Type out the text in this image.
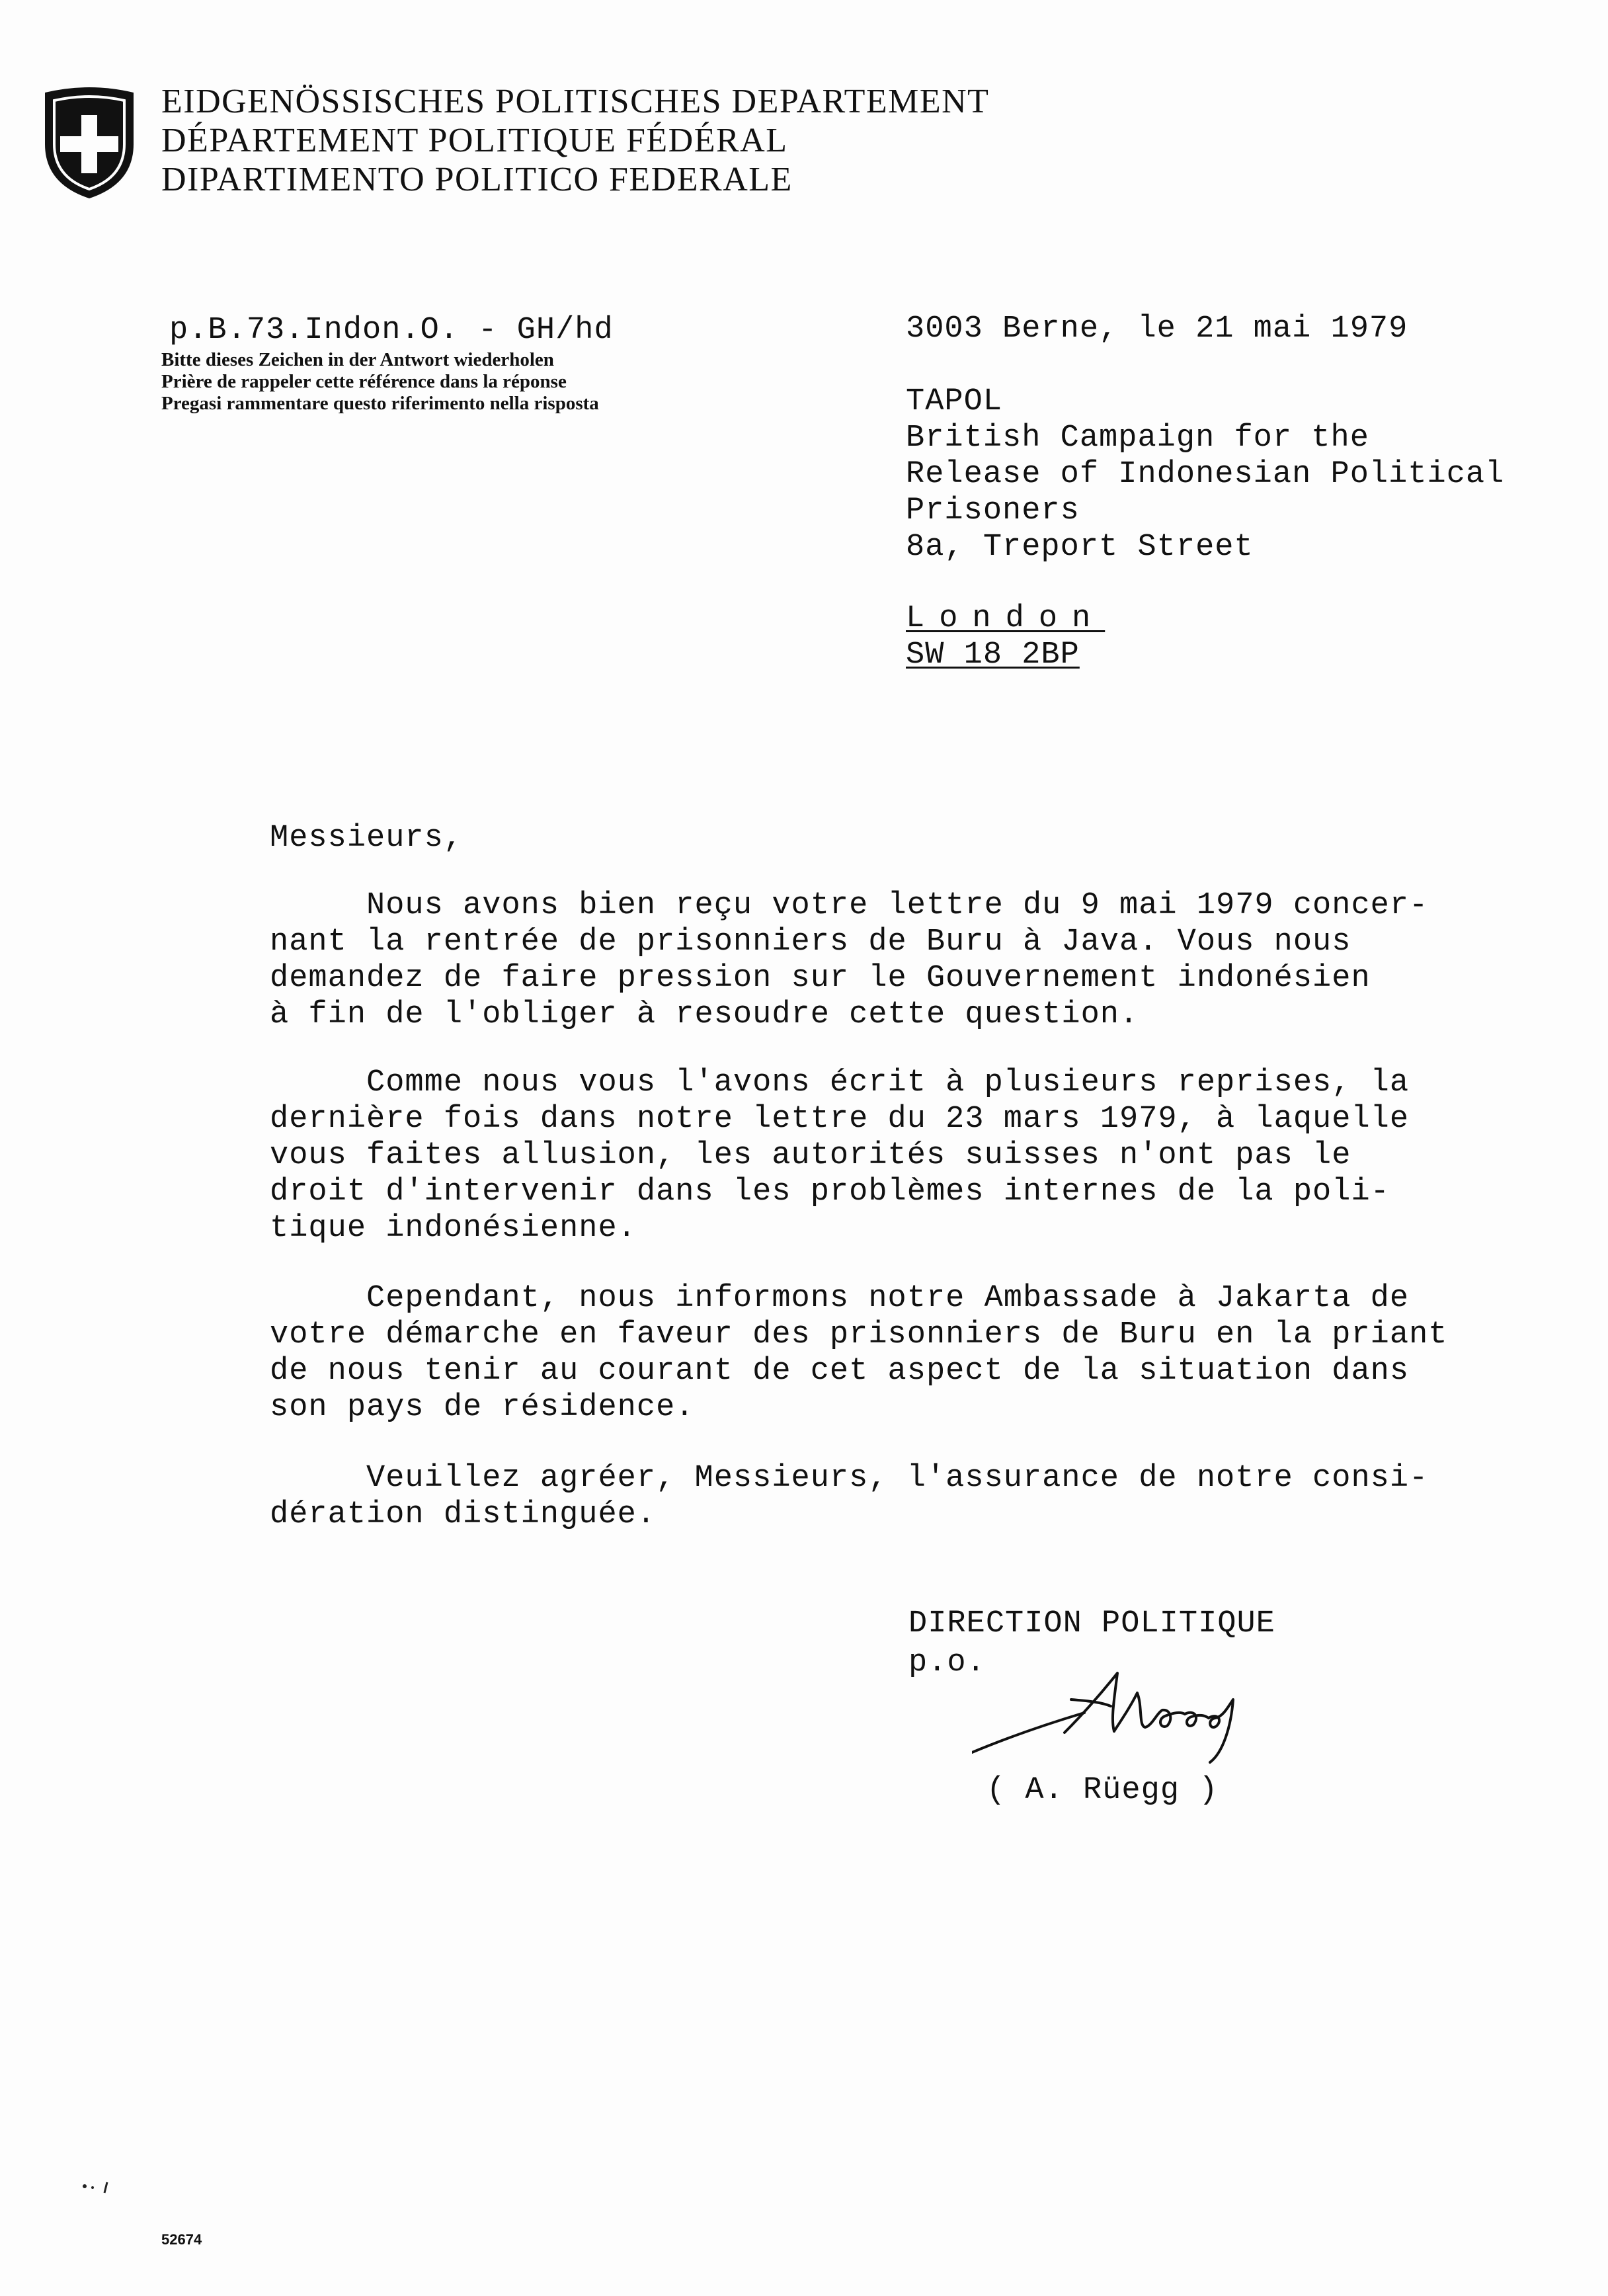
EIDGENÖSSISCHES POLITISCHES DEPARTEMENT
DÉPARTEMENT POLITIQUE FÉDÉRAL
DIPARTIMENTO POLITICO FEDERALE
p.B.73.Indon.O. - GH/hd
Bitte dieses Zeichen in der Antwort wiederholen
Prière de rappeler cette référence dans la réponse
Pregasi rammentare questo riferimento nella risposta
3003 Berne, le 21 mai 1979
TAPOL
British Campaign for the
Release of Indonesian Political
Prisoners
8a, Treport Street
London
SW 18 2BP
Messieurs,
Nous avons bien reçu votre lettre du 9 mai 1979 concer-
nant la rentrée de prisonniers de Buru à Java. Vous nous
demandez de faire pression sur le Gouvernement indonésien
à fin de l'obliger à resoudre cette question.
Comme nous vous l'avons écrit à plusieurs reprises, la
dernière fois dans notre lettre du 23 mars 1979, à laquelle
vous faites allusion, les autorités suisses n'ont pas le
droit d'intervenir dans les problèmes internes de la poli-
tique indonésienne.
Cependant, nous informons notre Ambassade à Jakarta de
votre démarche en faveur des prisonniers de Buru en la priant
de nous tenir au courant de cet aspect de la situation dans
son pays de résidence.
Veuillez agréer, Messieurs, l'assurance de notre consi-
dération distinguée.
DIRECTION POLITIQUE
p.o.
( A. Rüegg )
52674
